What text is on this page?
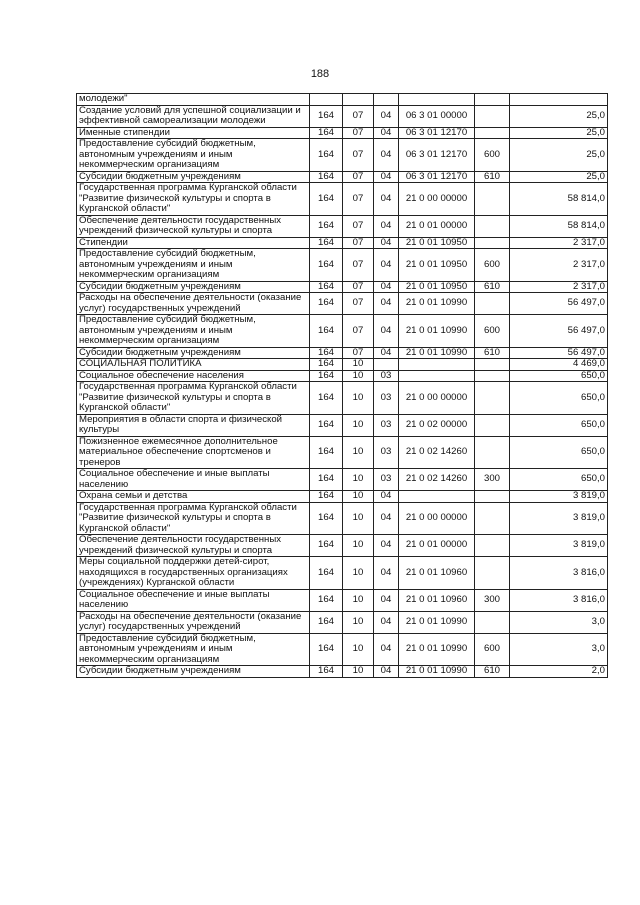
188
молодежи"						
Создание условий для успешной социализации и эффективной самореализации молодежи	164	07	04	06 3 01 00000		25,0
Именные стипендии	164	07	04	06 3 01 12170		25,0
Предоставление субсидий бюджетным, автономным учреждениям и иным некоммерческим организациям	164	07	04	06 3 01 12170	600	25,0
Субсидии бюджетным учреждениям	164	07	04	06 3 01 12170	610	25,0
Государственная программа Курганской области "Развитие физической культуры и спорта в Курганской области"	164	07	04	21 0 00 00000		58 814,0
Обеспечение деятельности государственных учреждений физической культуры и спорта	164	07	04	21 0 01 00000		58 814,0
Стипендии	164	07	04	21 0 01 10950		2 317,0
Предоставление субсидий бюджетным, автономным учреждениям и иным некоммерческим организациям	164	07	04	21 0 01 10950	600	2 317,0
Субсидии бюджетным учреждениям	164	07	04	21 0 01 10950	610	2 317,0
Расходы на обеспечение деятельности (оказание услуг) государственных учреждений	164	07	04	21 0 01 10990		56 497,0
Предоставление субсидий бюджетным, автономным учреждениям и иным некоммерческим организациям	164	07	04	21 0 01 10990	600	56 497,0
Субсидии бюджетным учреждениям	164	07	04	21 0 01 10990	610	56 497,0
СОЦИАЛЬНАЯ ПОЛИТИКА	164	10				4 469,0
Социальное обеспечение населения	164	10	03			650,0
Государственная программа Курганской области "Развитие физической культуры и спорта в Курганской области"	164	10	03	21 0 00 00000		650,0
Мероприятия в области спорта и физической культуры	164	10	03	21 0 02 00000		650,0
Пожизненное ежемесячное дополнительное материальное обеспечение спортсменов и тренеров	164	10	03	21 0 02 14260		650,0
Социальное обеспечение и иные выплаты населению	164	10	03	21 0 02 14260	300	650,0
Охрана семьи и детства	164	10	04			3 819,0
Государственная программа Курганской области "Развитие физической культуры и спорта в Курганской области"	164	10	04	21 0 00 00000		3 819,0
Обеспечение деятельности государственных учреждений физической культуры и спорта	164	10	04	21 0 01 00000		3 819,0
Меры социальной поддержки детей-сирот, находящихся в государственных организациях (учреждениях) Курганской области	164	10	04	21 0 01 10960		3 816,0
Социальное обеспечение и иные выплаты населению	164	10	04	21 0 01 10960	300	3 816,0
Расходы на обеспечение деятельности (оказание услуг) государственных учреждений	164	10	04	21 0 01 10990		3,0
Предоставление субсидий бюджетным, автономным учреждениям и иным некоммерческим организациям	164	10	04	21 0 01 10990	600	3,0
Субсидии бюджетным учреждениям	164	10	04	21 0 01 10990	610	2,0
